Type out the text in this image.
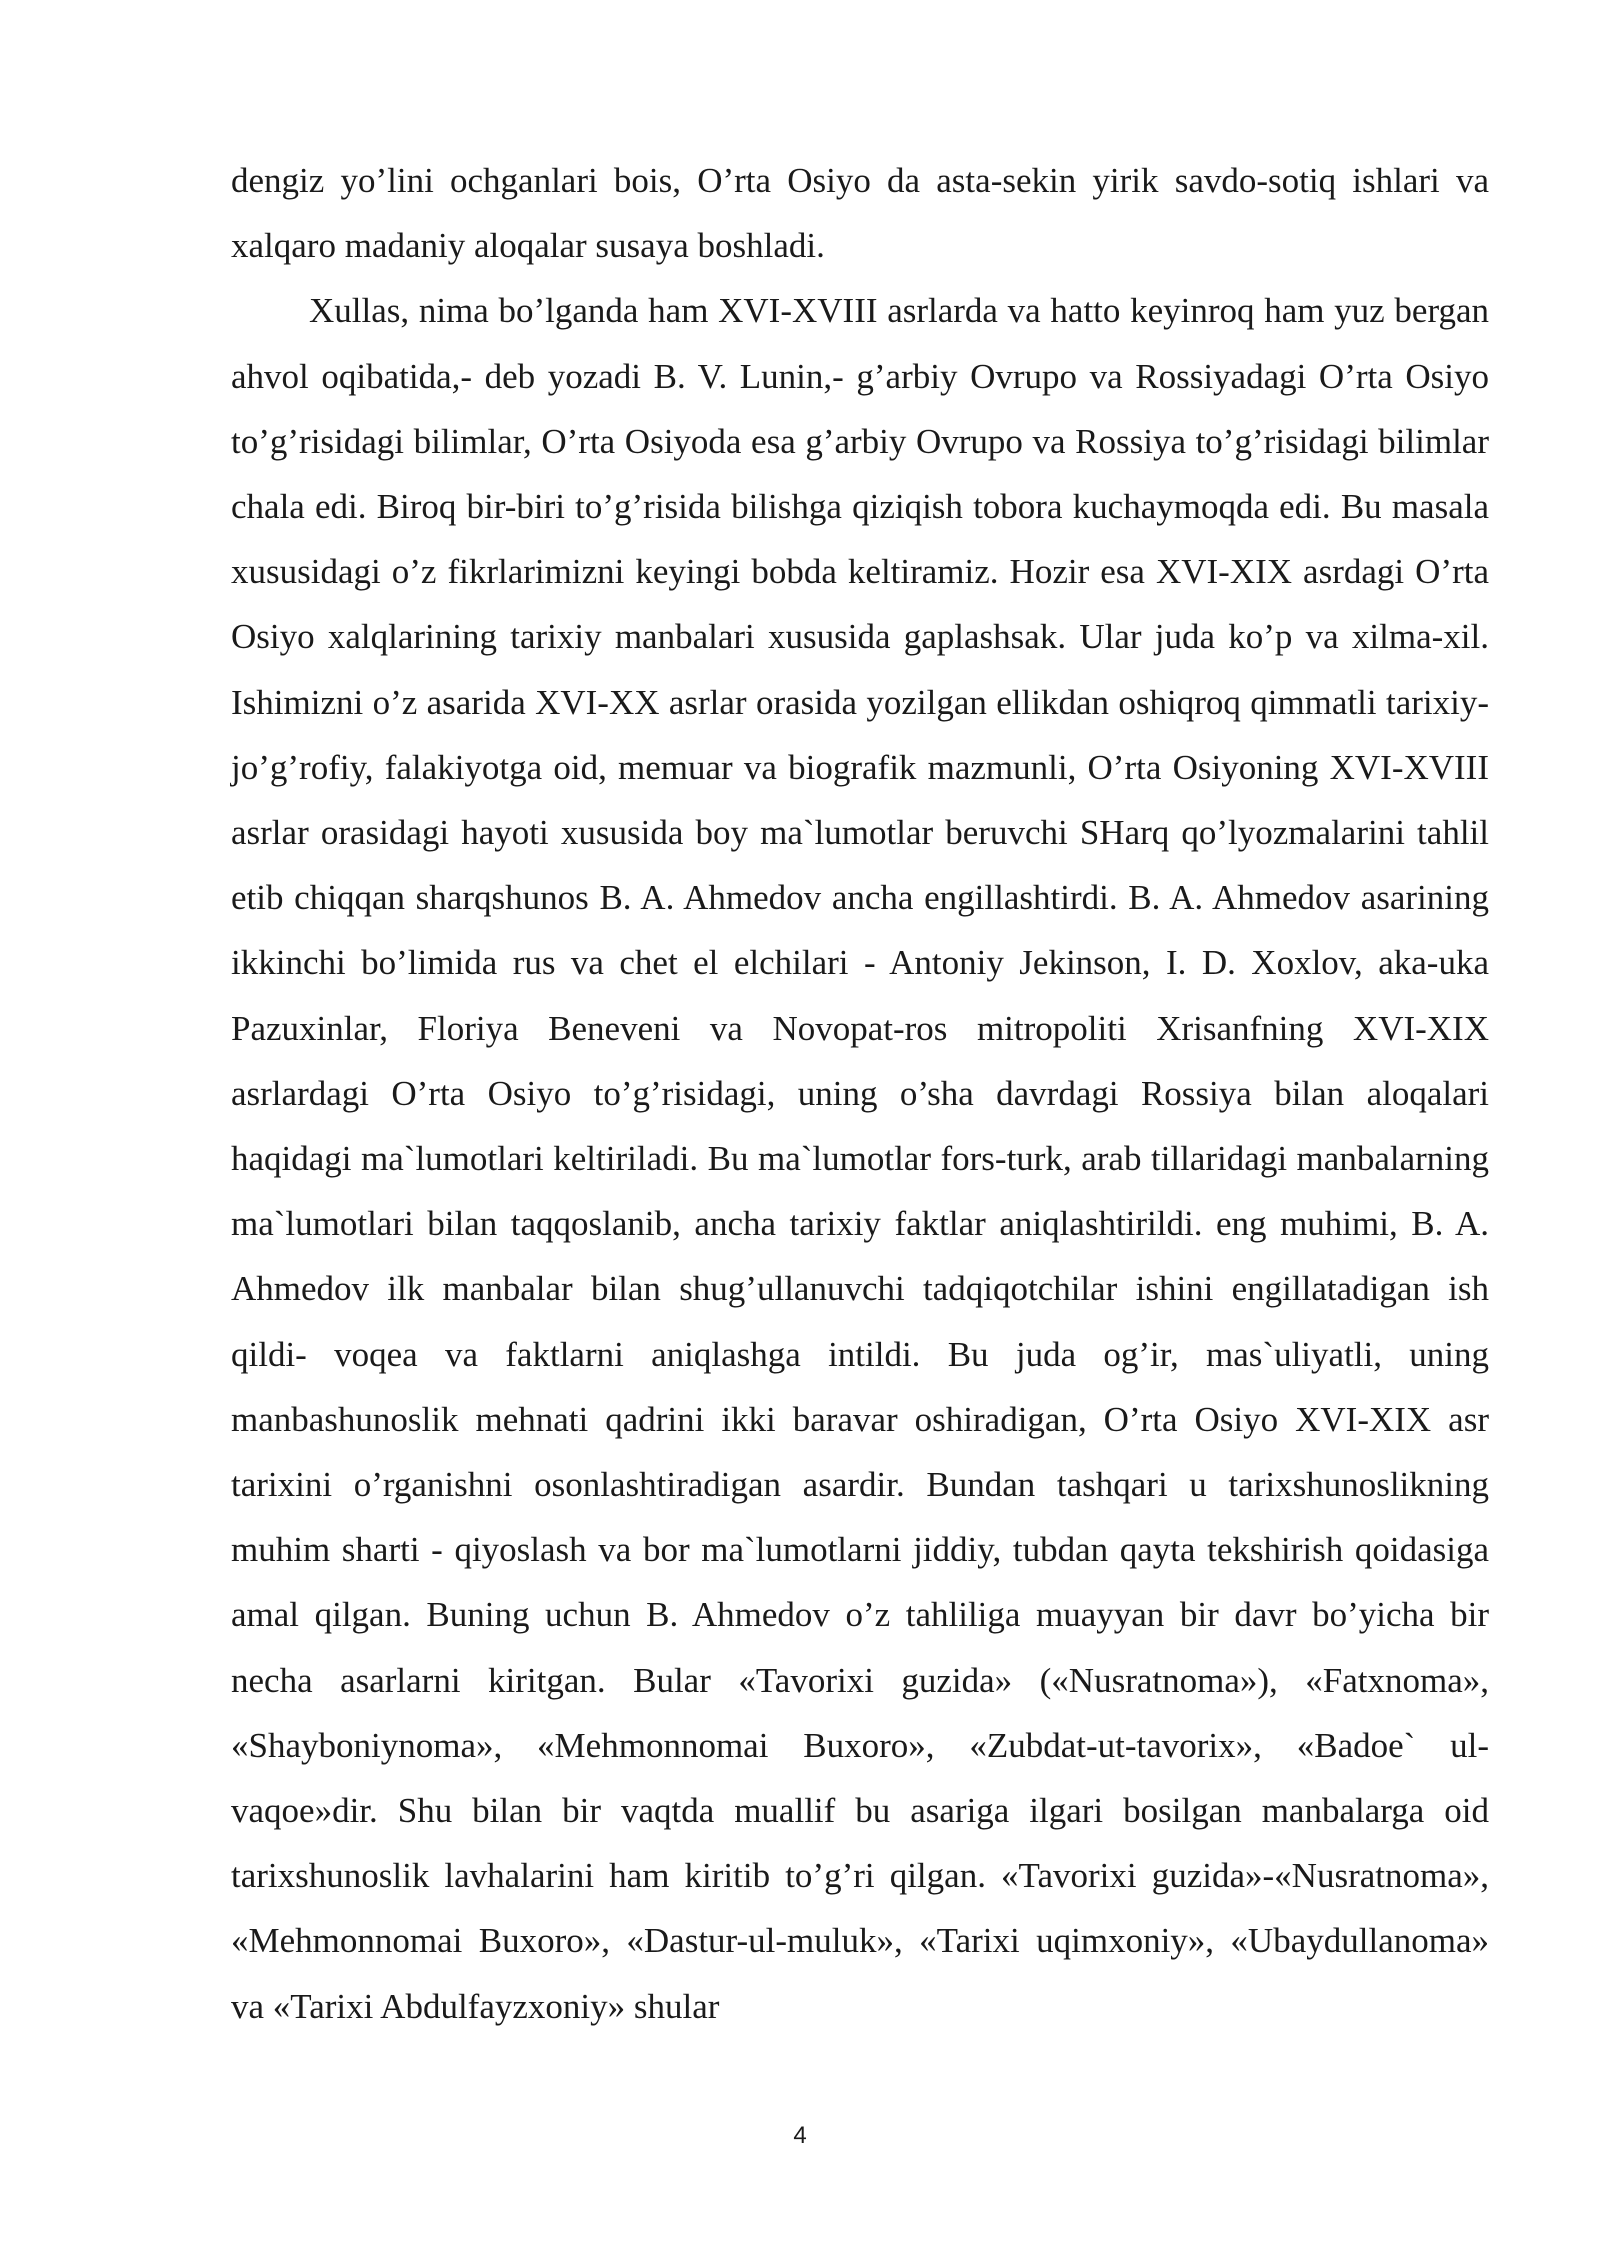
dengiz yo’lini ochganlari bois, O’rta Osiyo da asta-sekin yirik savdo-sotiq ishlari va xalqaro madaniy aloqalar susaya boshladi.

Xullas, nima bo’lganda ham XVI-XVIII asrlarda va hatto keyinroq ham yuz bergan ahvol oqibatida,- deb yozadi B. V. Lunin,- g’arbiy Ovrupo va Rossiyadagi O’rta Osiyo to’g’risidagi bilimlar, O’rta Osiyoda esa g’arbiy Ovrupo va Rossiya to’g’risidagi bilimlar chala edi. Biroq bir-biri to’g’risida bilishga qiziqish tobora kuchaymoqda edi. Bu masala xususidagi o’z fikrlarimizni keyingi bobda keltiramiz. Hozir esa XVI-XIX asrdagi O’rta Osiyo xalqlarining tarixiy manbalari xususida gaplashsak. Ular juda ko’p va xilma-xil. Ishimizni o’z asarida XVI-XX asrlar orasida yozilgan ellikdan oshiqroq qimmatli tarixiy-jo’g’rofiy, falakiyotga oid, memuar va biografik mazmunli, O’rta Osiyoning XVI-XVIII asrlar orasidagi hayoti xususida boy ma`lumotlar beruvchi SHarq qo’lyozmalarini tahlil etib chiqqan sharqshunos B. A. Ahmedov ancha engillashtirdi. B. A. Ahmedov asarining ikkinchi bo’limida rus va chet el elchilari - Antoniy Jekinson, I. D. Xoxlov, aka-uka Pazuxinlar, Floriya Beneveni va Novopat-ros mitropoliti Xrisanfning XVI-XIX asrlardagi O’rta Osiyo to’g’risidagi, uning o’sha davrdagi Rossiya bilan aloqalari haqidagi ma`lumotlari keltiriladi. Bu ma`lumotlar fors-turk, arab tillaridagi manbalarning ma`lumotlari bilan taqqoslanib, ancha tarixiy faktlar aniqlashtirildi. eng muhimi, B. A. Ahmedov ilk manbalar bilan shug’ullanuvchi tadqiqotchilar ishini engillatadigan ish qildi- voqea va faktlarni aniqlashga intildi. Bu juda og’ir, mas`uliyatli, uning manbashunoslik mehnati qadrini ikki baravar oshiradigan, O’rta Osiyo XVI-XIX asr tarixini o’rganishni osonlashtiradigan asardir. Bundan tashqari u tarixshunoslikning muhim sharti - qiyoslash va bor ma`lumotlarni jiddiy, tubdan qayta tekshirish qoidasiga amal qilgan. Buning uchun B. Ahmedov o’z tahliliga muayyan bir davr bo’yicha bir necha asarlarni kiritgan. Bular «Tavorixi guzida» («Nusratnoma»), «Fatxnoma», «Shayboniynoma», «Mehmonnomai Buxoro», «Zubdat-ut-tavorix», «Badoe` ul-vaqoe»dir. Shu bilan bir vaqtda muallif bu asariga ilgari bosilgan manbalarga oid tarixshunoslik lavhalarini ham kiritib to’g’ri qilgan. «Tavorixi guzida»-«Nusratnoma», «Mehmonnomai Buxoro», «Dastur-ul-muluk», «Tarixi uqimxoniy», «Ubaydullanoma» va «Tarixi Abdulfayzxoniy» shular

4
